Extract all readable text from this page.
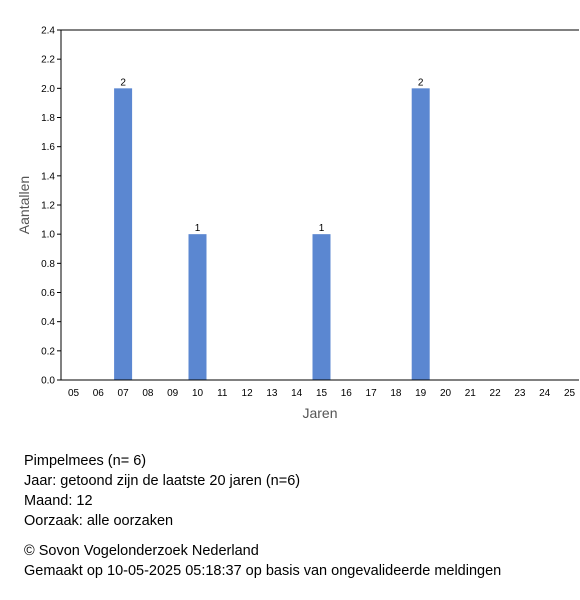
2
1	1
2
0.0
0.2
0.4
0.6
0.8
1.0
1.2
1.4
1.6
1.8
2.0
2.2
2.4
05 06 07 08 09 10 11 12 13 14 15 16 17 18 19 20 21 22 23 24 25
Jaren
Aantallen
Pimpelmees (n= 6)
Jaar: getoond zijn de laatste 20 jaren (n=6)
Maand: 12
Oorzaak: alle oorzaken
© Sovon Vogelonderzoek Nederland
Gemaakt op 10-05-2025 05:18:37 op basis van ongevalideerde meldingen
